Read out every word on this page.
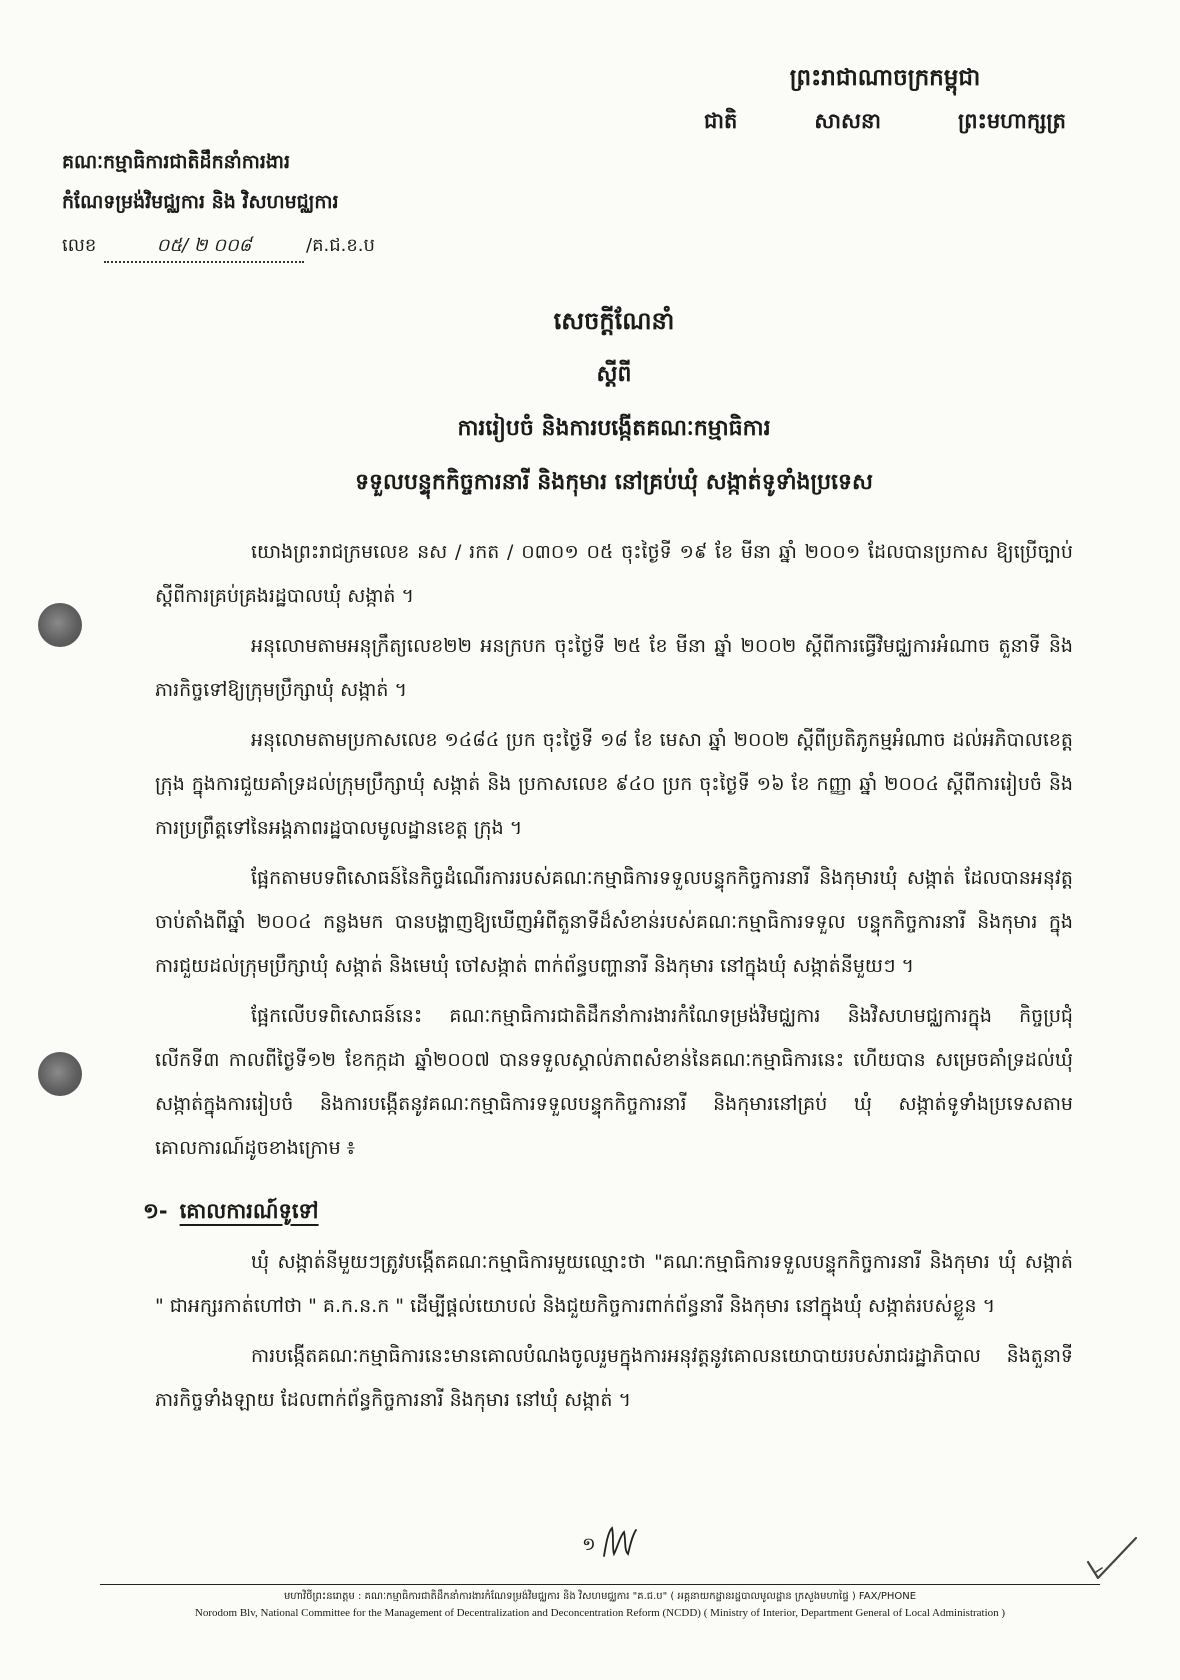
ព្រះរាជាណាចក្រកម្ពុជា
ជាតិ	សាសនា	ព្រះមហាក្សត្រ
គណៈកម្មាធិការជាតិដឹកនាំការងារ
កំណែទម្រង់វិមជ្ឈការ និង វិសហមជ្ឈការ
លេខ	០៥/ ២ ០០៨	/គ.ជ.ខ.ប
សេចក្តីណែនាំ
ស្តីពី
ការរៀបចំ និងការបង្កើតគណៈកម្មាធិការ
ទទួលបន្ទុកកិច្ចការនារី និងកុមារ នៅគ្រប់ឃុំ សង្កាត់ទូទាំងប្រទេស

យោងព្រះរាជក្រមលេខ នស / រកត / ០៣០១ ០៥ ចុះថ្ងៃទី ១៩ ខែ មីនា ឆ្នាំ ២០០១ ដែលបានប្រកាស ឱ្យប្រើច្បាប់ស្តីពីការគ្រប់គ្រងរដ្ឋបាលឃុំ សង្កាត់ ។

អនុលោមតាមអនុក្រឹត្យលេខ២២ អនក្របក ចុះថ្ងៃទី ២៥ ខែ មីនា ឆ្នាំ ២០០២ ស្តីពីការធ្វើវិមជ្ឈការអំណាច តួនាទី និងភារកិច្ចទៅឱ្យក្រុមប្រឹក្សាឃុំ សង្កាត់ ។

អនុលោមតាមប្រកាសលេខ ១៤៨៤ ប្រក ចុះថ្ងៃទី ១៨ ខែ មេសា ឆ្នាំ ២០០២ ស្តីពីប្រតិភូកម្មអំណាច ដល់អភិបាលខេត្ត ក្រុង ក្នុងការជួយគាំទ្រដល់ក្រុមប្រឹក្សាឃុំ សង្កាត់ និង ប្រកាសលេខ ៩៤០ ប្រក ចុះថ្ងៃទី ១៦ ខែ កញ្ញា ឆ្នាំ ២០០៤ ស្តីពីការរៀបចំ និងការប្រព្រឹត្តទៅនៃអង្គភាពរដ្ឋបាលមូលដ្ឋានខេត្ត ក្រុង ។

ផ្អែកតាមបទពិសោធន៍នៃកិច្ចដំណើរការរបស់គណៈកម្មាធិការទទួលបន្ទុកកិច្ចការនារី និងកុមារឃុំ សង្កាត់ ដែលបានអនុវត្តចាប់តាំងពីឆ្នាំ ២០០៤ កន្លងមក បានបង្ហាញឱ្យឃើញអំពីតួនាទីដ៏សំខាន់របស់គណៈកម្មាធិការទទួល បន្ទុកកិច្ចការនារី និងកុមារ ក្នុងការជួយដល់ក្រុមប្រឹក្សាឃុំ សង្កាត់ និងមេឃុំ ចៅសង្កាត់ ពាក់ព័ន្ធបញ្ហានារី និងកុមារ នៅក្នុងឃុំ សង្កាត់នីមួយៗ ។

ផ្អែកលើបទពិសោធន៍នេះ គណៈកម្មាធិការជាតិដឹកនាំការងារកំណែទម្រង់វិមជ្ឈការ និងវិសហមជ្ឈការក្នុង កិច្ចប្រជុំលើកទី៣ កាលពីថ្ងៃទី១២ ខែកក្កដា ឆ្នាំ២០០៧ បានទទួលស្គាល់ភាពសំខាន់នៃគណៈកម្មាធិការនេះ ហើយបាន សម្រេចគាំទ្រដល់ឃុំ សង្កាត់ក្នុងការរៀបចំ និងការបង្កើតនូវគណៈកម្មាធិការទទួលបន្ទុកកិច្ចការនារី និងកុមារនៅគ្រប់ ឃុំ សង្កាត់ទូទាំងប្រទេសតាមគោលការណ៍ដូចខាងក្រោម ៖

១- គោលការណ៍ទូទៅ

ឃុំ សង្កាត់នីមួយៗត្រូវបង្កើតគណៈកម្មាធិការមួយឈ្មោះថា "គណៈកម្មាធិការទទួលបន្ទុកកិច្ចការនារី និងកុមារ ឃុំ សង្កាត់ " ជាអក្សរកាត់ហៅថា " គ.ក.ន.ក " ដើម្បីផ្តល់យោបល់ និងជួយកិច្ចការពាក់ព័ន្ធនារី និងកុមារ នៅក្នុងឃុំ សង្កាត់របស់ខ្លួន ។

ការបង្កើតគណៈកម្មាធិការនេះមានគោលបំណងចូលរួមក្នុងការអនុវត្តនូវគោលនយោបាយរបស់រាជរដ្ឋាភិបាល និងតួនាទី ភារកិច្ចទាំងឡាយ ដែលពាក់ព័ន្ធកិច្ចការនារី និងកុមារ នៅឃុំ សង្កាត់ ។

១
មហាវិថីព្រះនរោត្តម : គណៈកម្មាធិការជាតិដឹកនាំការងារកំណែទម្រង់វិមជ្ឈការ និង វិសហមជ្ឈការ "គ.ជ.ប" ( អគ្គនាយកដ្ឋានរដ្ឋបាលមូលដ្ឋាន ក្រសួងមហាផ្ទៃ ) FAX/PHONE
Norodom Blv, National Committee for the Management of Decentralization and Deconcentration Reform (NCDD) ( Ministry of Interior, Department General of Local Administration )
